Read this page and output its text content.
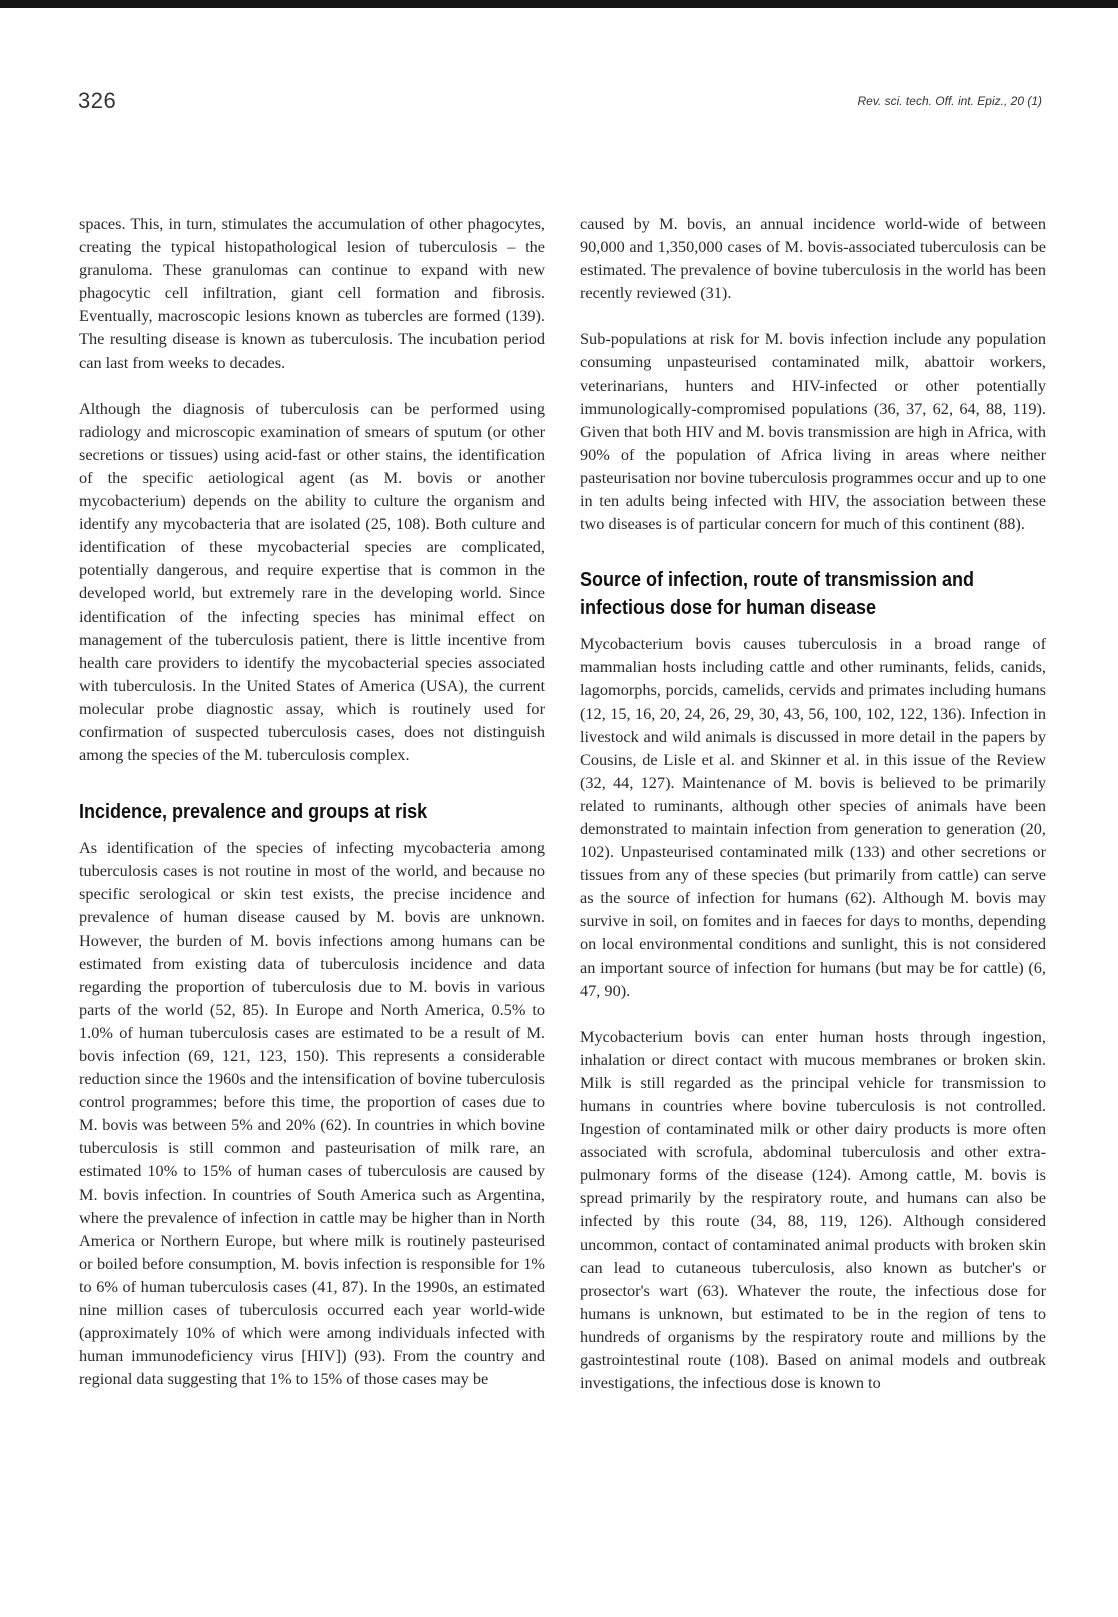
326	Rev. sci. tech. Off. int. Epiz., 20 (1)

spaces. This, in turn, stimulates the accumulation of other phagocytes, creating the typical histopathological lesion of tuberculosis – the granuloma. These granulomas can continue to expand with new phagocytic cell infiltration, giant cell formation and fibrosis. Eventually, macroscopic lesions known as tubercles are formed (139). The resulting disease is known as tuberculosis. The incubation period can last from weeks to decades.

Although the diagnosis of tuberculosis can be performed using radiology and microscopic examination of smears of sputum (or other secretions or tissues) using acid-fast or other stains, the identification of the specific aetiological agent (as M. bovis or another mycobacterium) depends on the ability to culture the organism and identify any mycobacteria that are isolated (25, 108). Both culture and identification of these mycobacterial species are complicated, potentially dangerous, and require expertise that is common in the developed world, but extremely rare in the developing world. Since identification of the infecting species has minimal effect on management of the tuberculosis patient, there is little incentive from health care providers to identify the mycobacterial species associated with tuberculosis. In the United States of America (USA), the current molecular probe diagnostic assay, which is routinely used for confirmation of suspected tuberculosis cases, does not distinguish among the species of the M. tuberculosis complex.

Incidence, prevalence and groups at risk

As identification of the species of infecting mycobacteria among tuberculosis cases is not routine in most of the world, and because no specific serological or skin test exists, the precise incidence and prevalence of human disease caused by M. bovis are unknown. However, the burden of M. bovis infections among humans can be estimated from existing data of tuberculosis incidence and data regarding the proportion of tuberculosis due to M. bovis in various parts of the world (52, 85). In Europe and North America, 0.5% to 1.0% of human tuberculosis cases are estimated to be a result of M. bovis infection (69, 121, 123, 150). This represents a considerable reduction since the 1960s and the intensification of bovine tuberculosis control programmes; before this time, the proportion of cases due to M. bovis was between 5% and 20% (62). In countries in which bovine tuberculosis is still common and pasteurisation of milk rare, an estimated 10% to 15% of human cases of tuberculosis are caused by M. bovis infection. In countries of South America such as Argentina, where the prevalence of infection in cattle may be higher than in North America or Northern Europe, but where milk is routinely pasteurised or boiled before consumption, M. bovis infection is responsible for 1% to 6% of human tuberculosis cases (41, 87). In the 1990s, an estimated nine million cases of tuberculosis occurred each year world-wide (approximately 10% of which were among individuals infected with human immunodeficiency virus [HIV]) (93). From the country and regional data suggesting that 1% to 15% of those cases may be

caused by M. bovis, an annual incidence world-wide of between 90,000 and 1,350,000 cases of M. bovis-associated tuberculosis can be estimated. The prevalence of bovine tuberculosis in the world has been recently reviewed (31).

Sub-populations at risk for M. bovis infection include any population consuming unpasteurised contaminated milk, abattoir workers, veterinarians, hunters and HIV-infected or other potentially immunologically-compromised populations (36, 37, 62, 64, 88, 119). Given that both HIV and M. bovis transmission are high in Africa, with 90% of the population of Africa living in areas where neither pasteurisation nor bovine tuberculosis programmes occur and up to one in ten adults being infected with HIV, the association between these two diseases is of particular concern for much of this continent (88).

Source of infection, route of transmission and infectious dose for human disease

Mycobacterium bovis causes tuberculosis in a broad range of mammalian hosts including cattle and other ruminants, felids, canids, lagomorphs, porcids, camelids, cervids and primates including humans (12, 15, 16, 20, 24, 26, 29, 30, 43, 56, 100, 102, 122, 136). Infection in livestock and wild animals is discussed in more detail in the papers by Cousins, de Lisle et al. and Skinner et al. in this issue of the Review (32, 44, 127). Maintenance of M. bovis is believed to be primarily related to ruminants, although other species of animals have been demonstrated to maintain infection from generation to generation (20, 102). Unpasteurised contaminated milk (133) and other secretions or tissues from any of these species (but primarily from cattle) can serve as the source of infection for humans (62). Although M. bovis may survive in soil, on fomites and in faeces for days to months, depending on local environmental conditions and sunlight, this is not considered an important source of infection for humans (but may be for cattle) (6, 47, 90).

Mycobacterium bovis can enter human hosts through ingestion, inhalation or direct contact with mucous membranes or broken skin. Milk is still regarded as the principal vehicle for transmission to humans in countries where bovine tuberculosis is not controlled. Ingestion of contaminated milk or other dairy products is more often associated with scrofula, abdominal tuberculosis and other extra-pulmonary forms of the disease (124). Among cattle, M. bovis is spread primarily by the respiratory route, and humans can also be infected by this route (34, 88, 119, 126). Although considered uncommon, contact of contaminated animal products with broken skin can lead to cutaneous tuberculosis, also known as butcher's or prosector's wart (63). Whatever the route, the infectious dose for humans is unknown, but estimated to be in the region of tens to hundreds of organisms by the respiratory route and millions by the gastrointestinal route (108). Based on animal models and outbreak investigations, the infectious dose is known to
